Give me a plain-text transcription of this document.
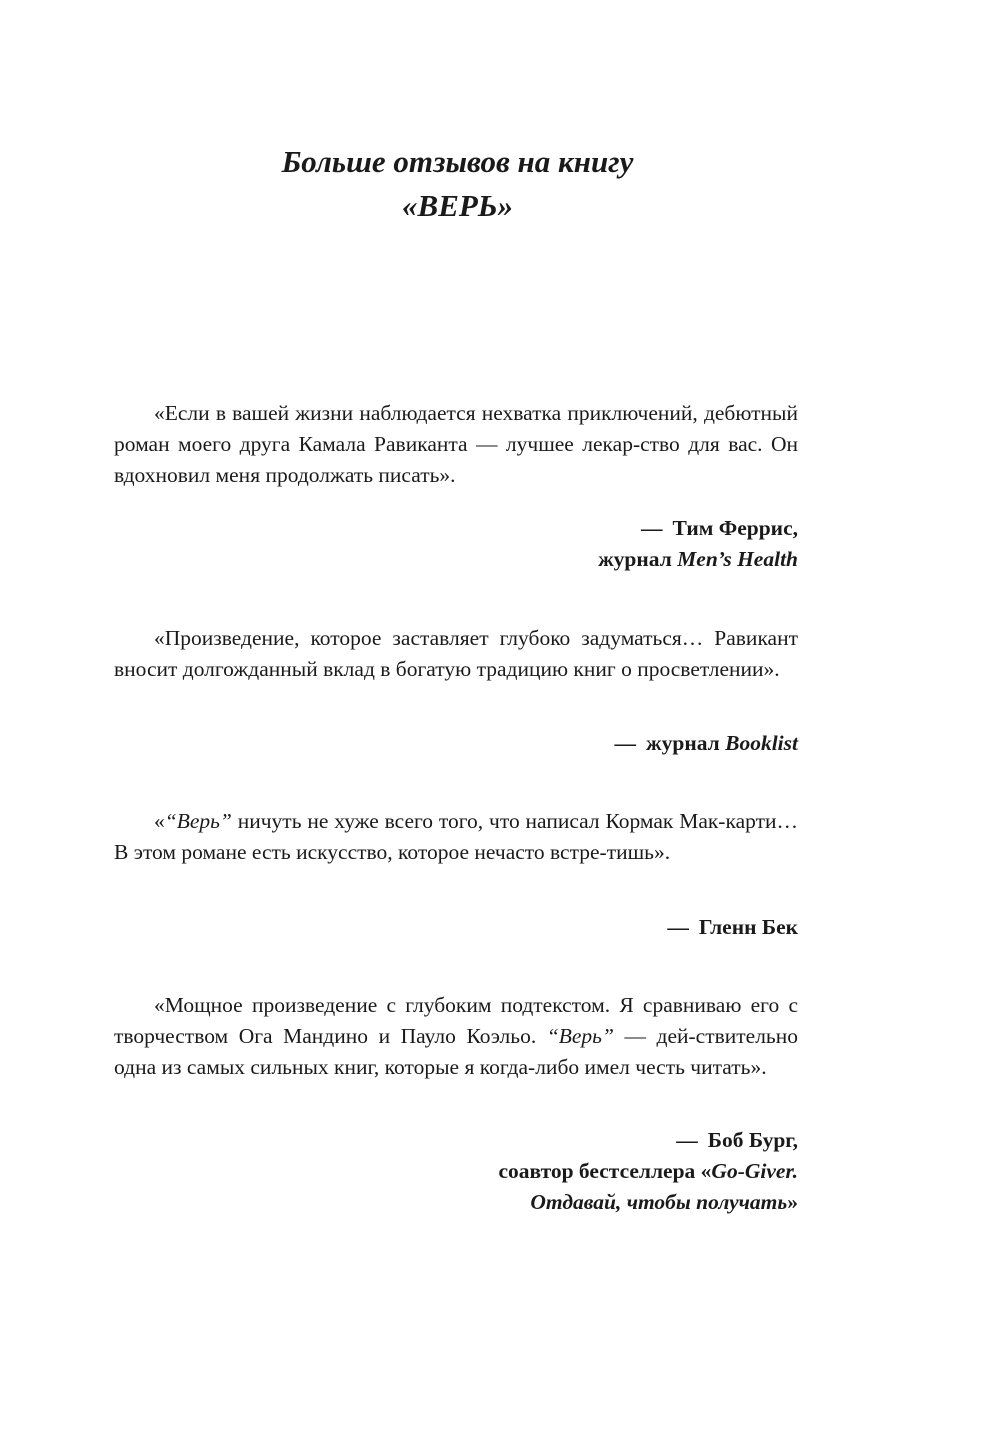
Больше отзывов на книгу
«ВЕРЬ»

«Если в вашей жизни наблюдается нехватка приключений, дебютный роман моего друга Камала Равиканта — лучшее лекар-ство для вас. Он вдохновил меня продолжать писать».

— Тим Феррис,
журнал Men’s Health

«Произведение, которое заставляет глубоко задуматься… Равикант вносит долгожданный вклад в богатую традицию книг о просветлении».

— журнал Booklist

«“Верь” ничуть не хуже всего того, что написал Кормак Мак-карти… В этом романе есть искусство, которое нечасто встре-тишь».

— Гленн Бек

«Мощное произведение с глубоким подтекстом. Я сравниваю его с творчеством Ога Мандино и Пауло Коэльо. “Верь” — дей-ствительно одна из самых сильных книг, которые я когда-либо имел честь читать».

— Боб Бург,
соавтор бестселлера «Go-Giver.
Отдавай, чтобы получать»
